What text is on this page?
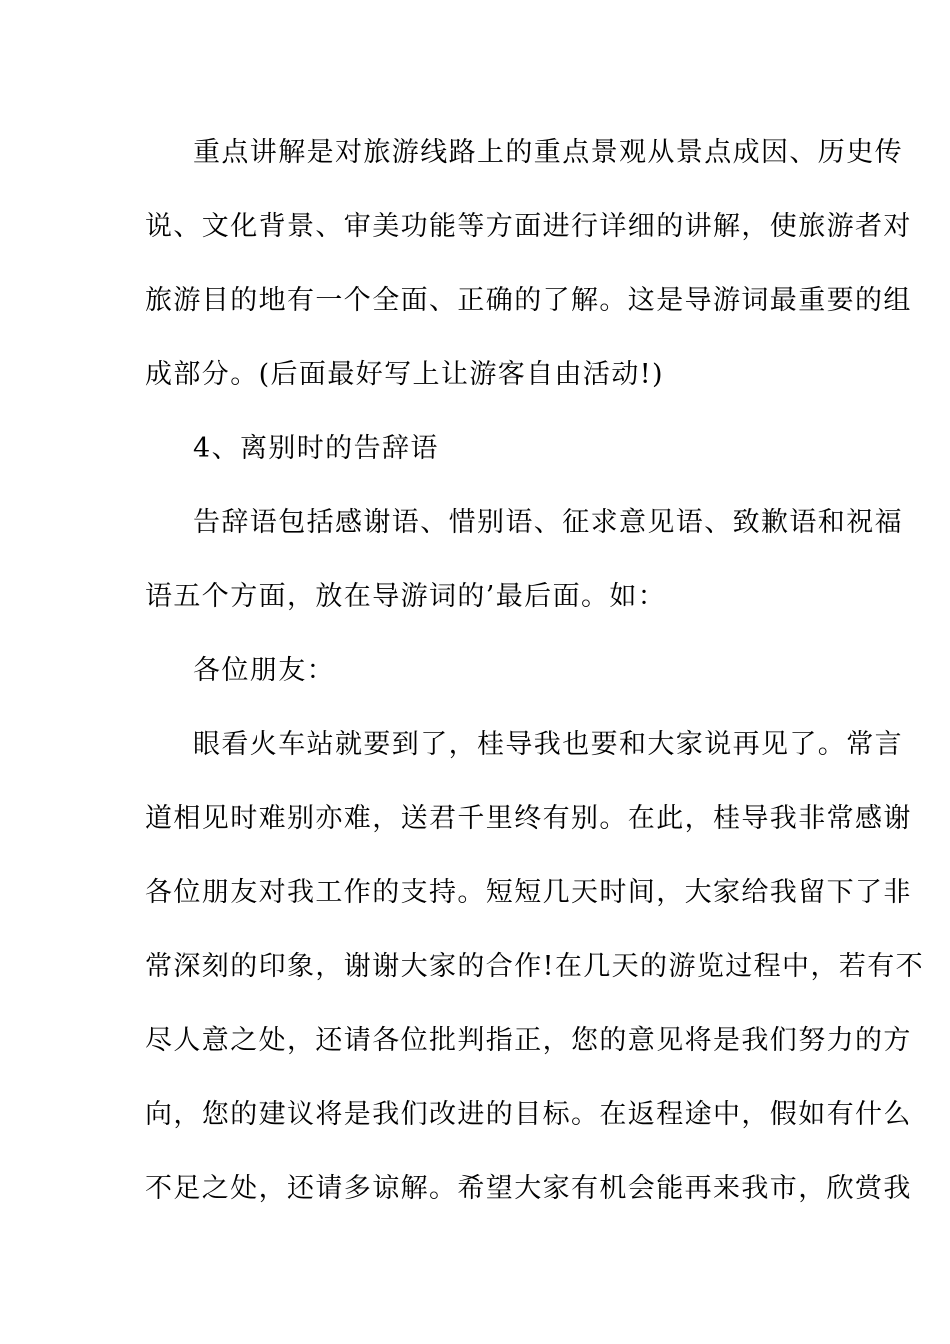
重点讲解是对旅游线路上的重点景观从景点成因、历史传
说、文化背景、审美功能等方面进行详细的讲解，使旅游者对
旅游目的地有一个全面、正确的了解。这是导游词最重要的组
成部分。(后面最好写上让游客自由活动!)
4、离别时的告辞语
告辞语包括感谢语、惜别语、征求意见语、致歉语和祝福
语五个方面，放在导游词的’最后面。如：
各位朋友：
眼看火车站就要到了，桂导我也要和大家说再见了。常言
道相见时难别亦难，送君千里终有别。在此，桂导我非常感谢
各位朋友对我工作的支持。短短几天时间，大家给我留下了非
常深刻的印象，谢谢大家的合作!在几天的游览过程中，若有不
尽人意之处，还请各位批判指正，您的意见将是我们努力的方
向，您的建议将是我们改进的目标。在返程途中，假如有什么
不足之处，还请多谅解。希望大家有机会能再来我市，欣赏我
